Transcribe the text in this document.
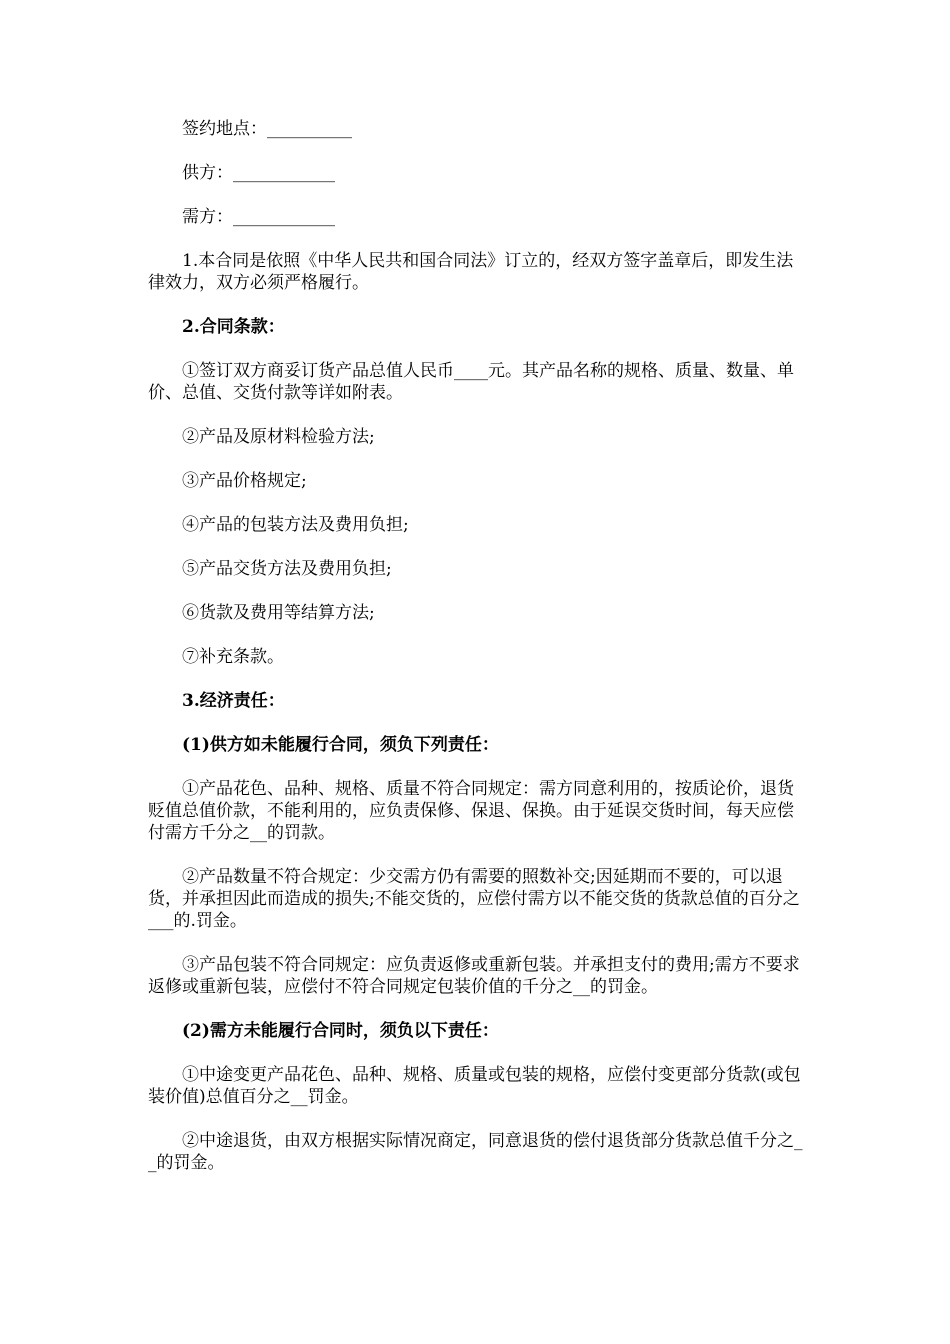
签约地点：__________

供方：____________

需方：____________

1.本合同是依照《中华人民共和国合同法》订立的，经双方签字盖章后，即发生法律效力，双方必须严格履行。

2.合同条款：

①签订双方商妥订货产品总值人民币____元。其产品名称的规格、质量、数量、单价、总值、交货付款等详如附表。

②产品及原材料检验方法;

③产品价格规定;

④产品的包装方法及费用负担;

⑤产品交货方法及费用负担;

⑥货款及费用等结算方法;

⑦补充条款。

3.经济责任：

(1)供方如未能履行合同，须负下列责任：

①产品花色、品种、规格、质量不符合同规定：需方同意利用的，按质论价，退货贬值总值价款，不能利用的，应负责保修、保退、保换。由于延误交货时间，每天应偿付需方千分之__的罚款。

②产品数量不符合规定：少交需方仍有需要的照数补交;因延期而不要的，可以退货，并承担因此而造成的损失;不能交货的，应偿付需方以不能交货的货款总值的百分之___的.罚金。

③产品包装不符合同规定：应负责返修或重新包装。并承担支付的费用;需方不要求返修或重新包装，应偿付不符合同规定包装价值的千分之__的罚金。

(2)需方未能履行合同时，须负以下责任：

①中途变更产品花色、品种、规格、质量或包装的规格，应偿付变更部分货款(或包装价值)总值百分之__罚金。

②中途退货，由双方根据实际情况商定，同意退货的偿付退货部分货款总值千分之__的罚金。
